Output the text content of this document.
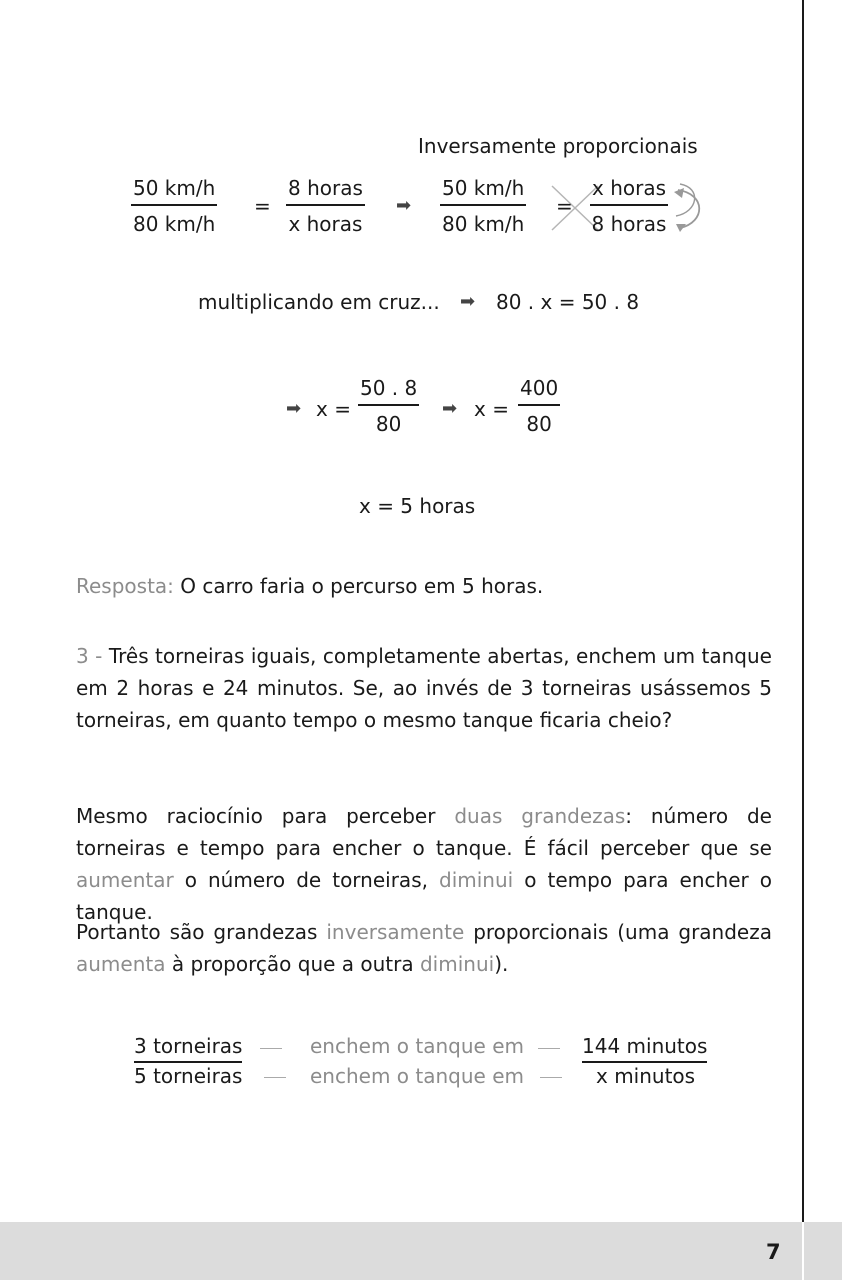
Inversamente proporcionais
$\frac{50 km/h}{80 km/h}$ =
8 horas
x horas
➡ $\frac{50 km/h}{80 km/h}$ =
x horas
8 horas
multiplicando em cruz... ➡ 80 . x = 50 . 8
➡ $x = \frac{50 . 8}{80}$ ➡ $x = \frac{400}{80}$
x = 5 horas
Resposta: O carro faria o percurso em 5 horas.
3 - Três torneiras iguais, completamente abertas, enchem um tanque em 2 horas e 24 minutos. Se, ao invés de 3 torneiras usássemos 5 torneiras, em quanto tempo o mesmo tanque ficaria cheio?
Mesmo raciocínio para perceber duas grandezas: número de torneiras e tempo para encher o tanque. É fácil perceber que se aumentar o número de torneiras, diminui o tempo para encher o tanque.
Portanto são grandezas inversamente proporcionais (uma grandeza aumenta à proporção que a outra diminui).
3 torneiras	enchem o tanque em	144 minutos
5 torneiras	enchem o tanque em	x minutos
7
